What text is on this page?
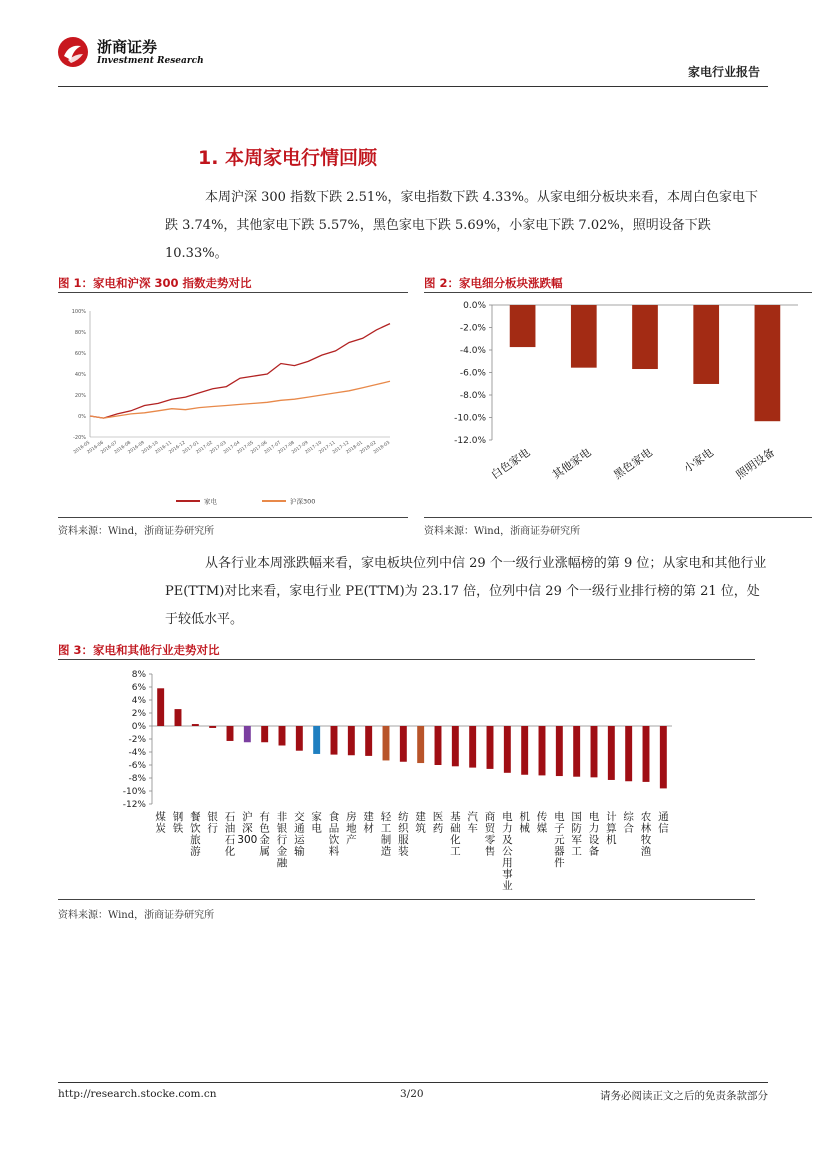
浙商证券
Investment Research
家电行业报告
1. 本周家电行情回顾
本周沪深 300 指数下跌 2.51%，家电指数下跌 4.33%。从家电细分板块来看，本周白色家电下跌 3.74%，其他家电下跌 5.57%，黑色家电下跌 5.69%，小家电下跌 7.02%，照明设备下跌 10.33%。
图 1：家电和沪深 300 指数走势对比
-20%
0%
20%
40%
60%
80%
100%
2016-05
2016-06
2016-07
2016-08
2016-09
2016-10
2016-11
2016-12
2017-01
2017-02
2017-03
2017-04
2017-05
2017-06
2017-07
2017-08
2017-09
2017-10
2017-11
2017-12
2018-01
2018-02
2018-03
家电	沪深300
资料来源：Wind，浙商证券研究所
图 2：家电细分板块涨跌幅
0.0%
-2.0%
-4.0%
-6.0%
-8.0%
-10.0%
-12.0%
白色家电 其他家电 黑色家电 小家电 照明设备
资料来源：Wind，浙商证券研究所
从各行业本周涨跌幅来看，家电板块位列中信 29 个一级行业涨幅榜的第 9 位；从家电和其他行业 PE(TTM)对比来看，家电行业 PE(TTM)为 23.17 倍，位列中信 29 个一级行业排行榜的第 21 位，处于较低水平。
图 3：家电和其他行业走势对比
8%
6%
4%
2%
0%
-2%
-4%
-6%
-8%
-10%
-12%
煤炭
钢铁
餐饮旅游
银行
石油石化
沪深 300
有色金属
非银行金融
交通运输
家电
食品饮料
房地产
建材
轻工制造
纺织服装
建筑
医药
基础化工
汽车
商贸零售
电力及公用事业
机械
传媒
电子元器件
国防军工
电力设备
计算机
综合
农林牧渔
通信
资料来源：Wind，浙商证券研究所
http://research.stocke.com.cn	3/20	请务必阅读正文之后的免责条款部分
